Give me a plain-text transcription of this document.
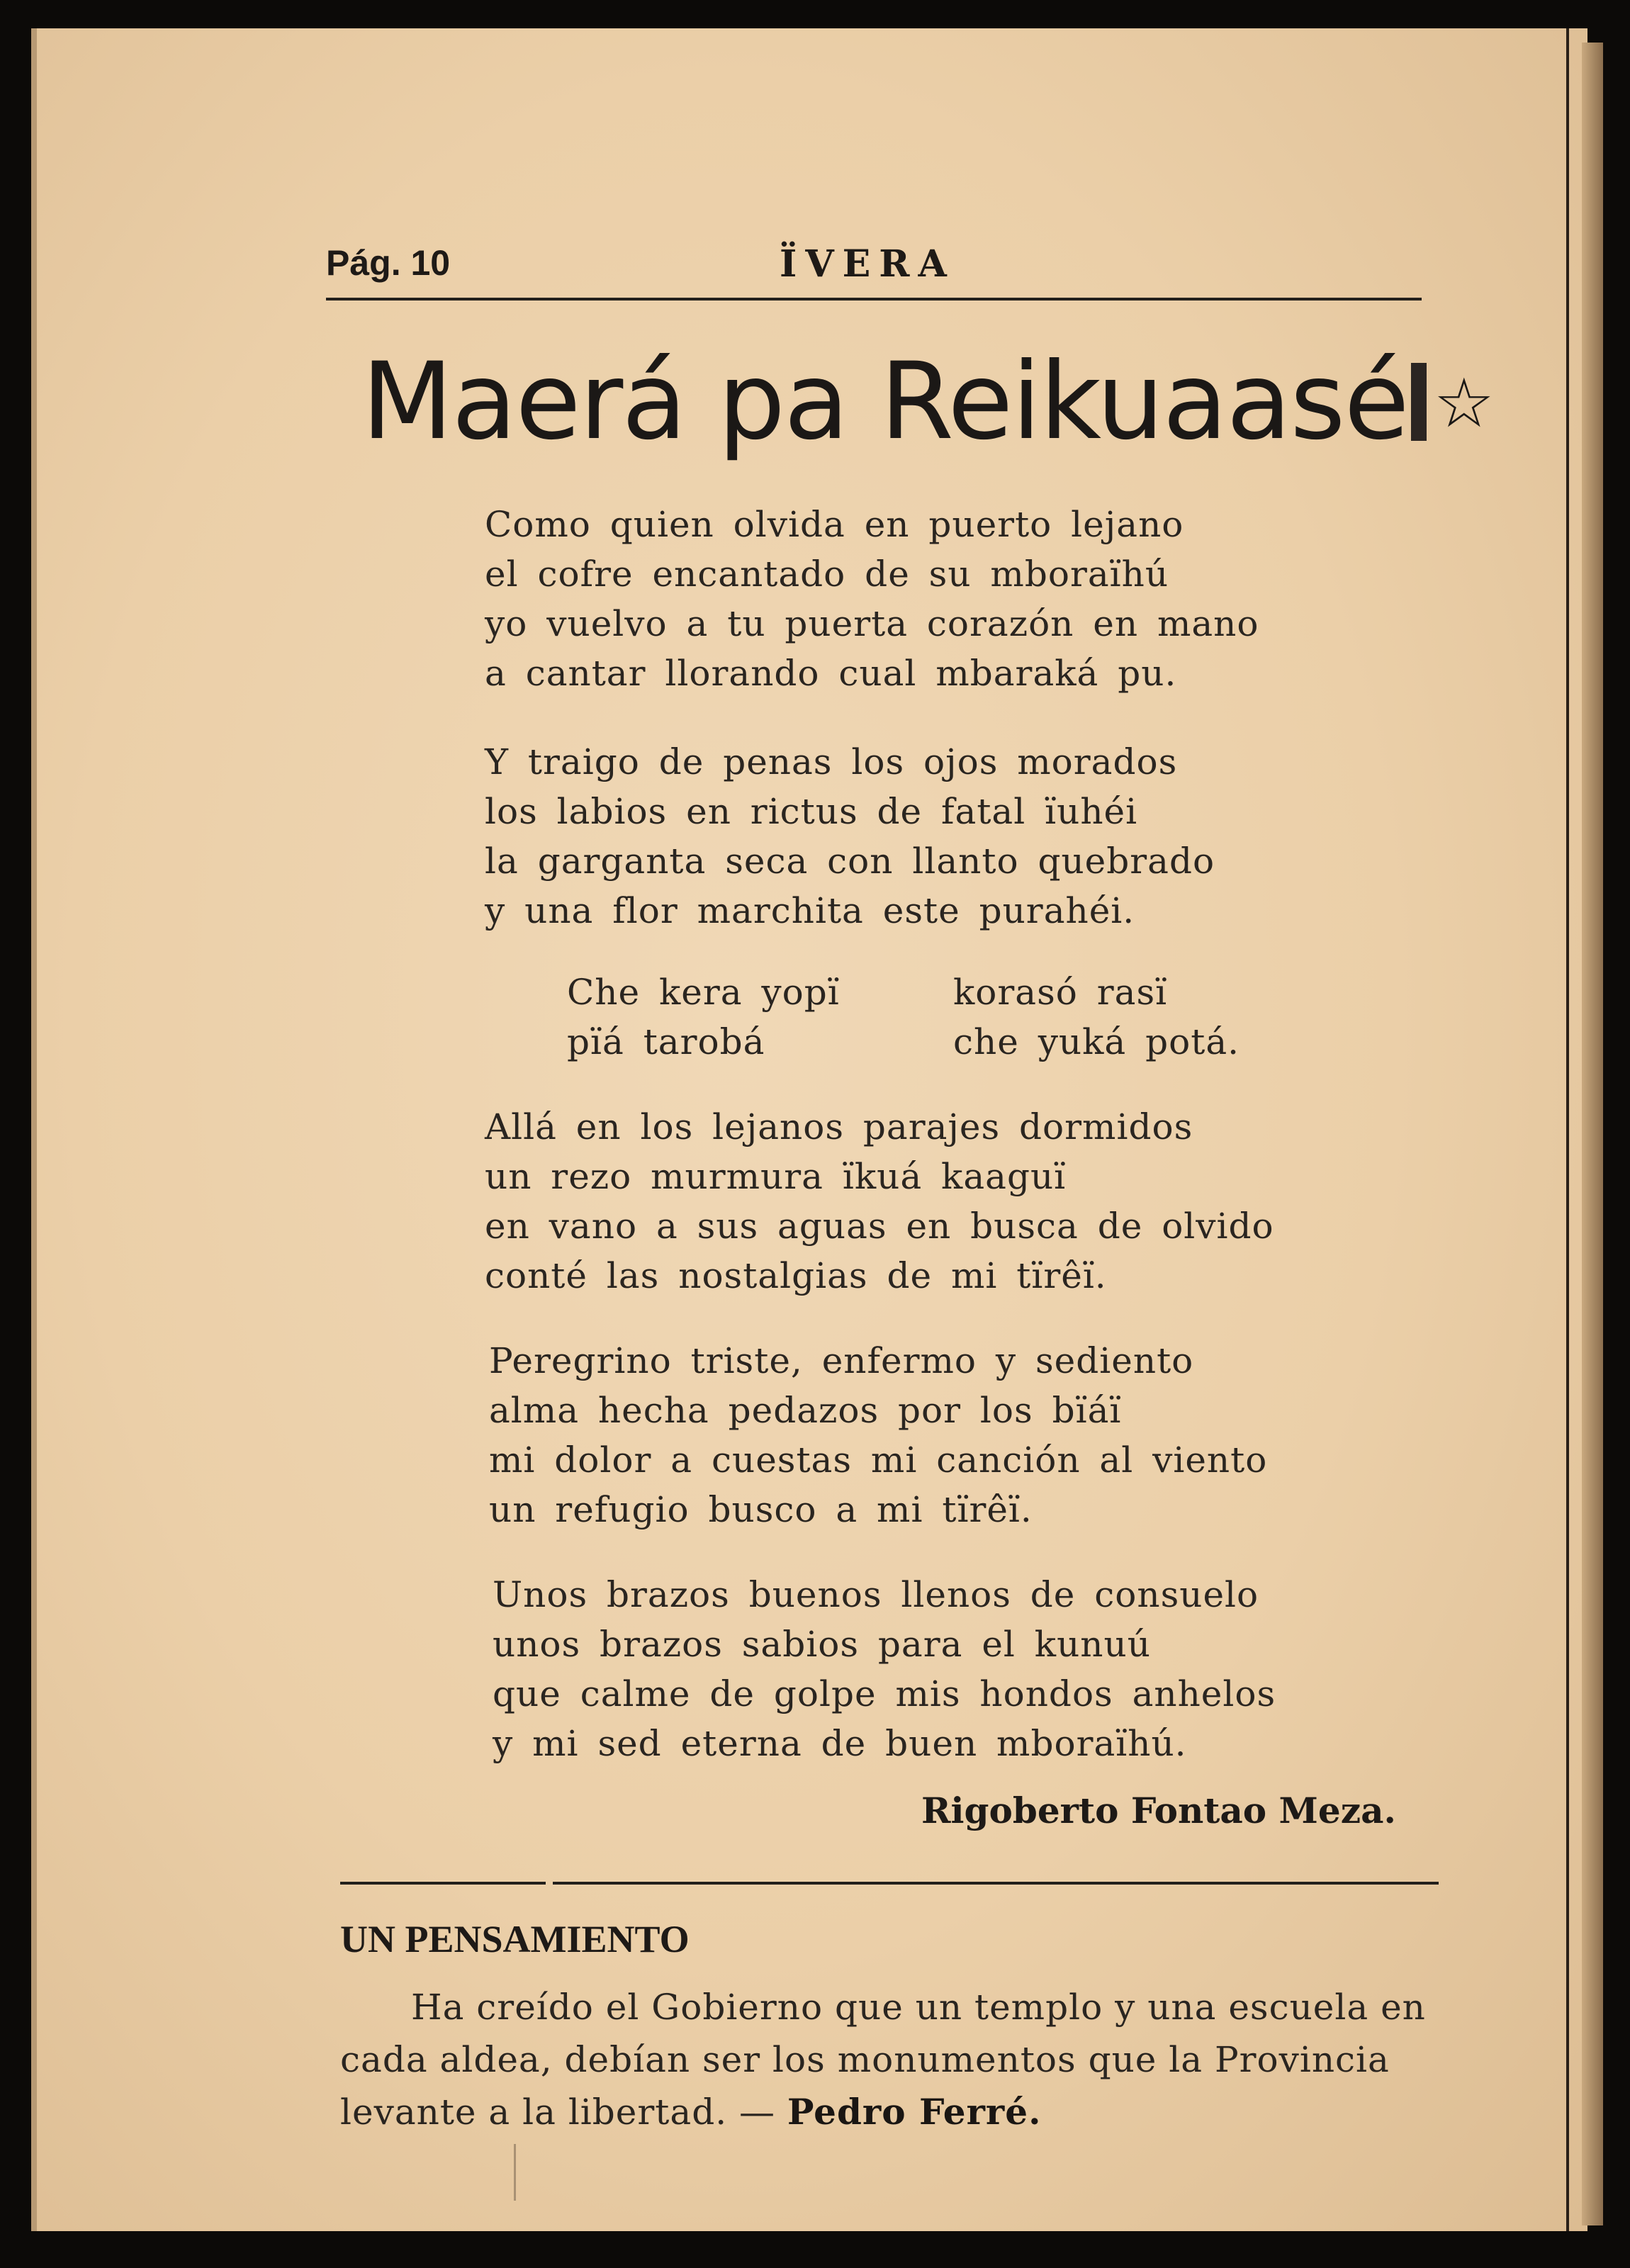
Pág. 10	ÏVERA
Maerá pa Reikuaasé ☆
Como quien olvida en puerto lejano
el cofre encantado de su mboraïhú
yo vuelvo a tu puerta corazón en mano
a cantar llorando cual mbaraká pu.
Y traigo de penas los ojos morados
los labios en rictus de fatal ïuhéi
la garganta seca con llanto quebrado
y una flor marchita este purahéi.
Che kera yopï
pïá tarobá
korasó rasï
che yuká potá.
Allá en los lejanos parajes dormidos
un rezo murmura ïkuá kaaguï
en vano a sus aguas en busca de olvido
conté las nostalgias de mi tïrêï.
Peregrino triste, enfermo y sediento
alma hecha pedazos por los bïáï
mi dolor a cuestas mi canción al viento
un refugio busco a mi tïrêï.
Unos brazos buenos llenos de consuelo
unos brazos sabios para el kunuú
que calme de golpe mis hondos anhelos
y mi sed eterna de buen mboraïhú.
Rigoberto Fontao Meza.
UN PENSAMIENTO

Ha creído el Gobierno que un templo y una escuela en

cada aldea, debían ser los monumentos que la Provincia

levante a la libertad. — Pedro Ferré.
